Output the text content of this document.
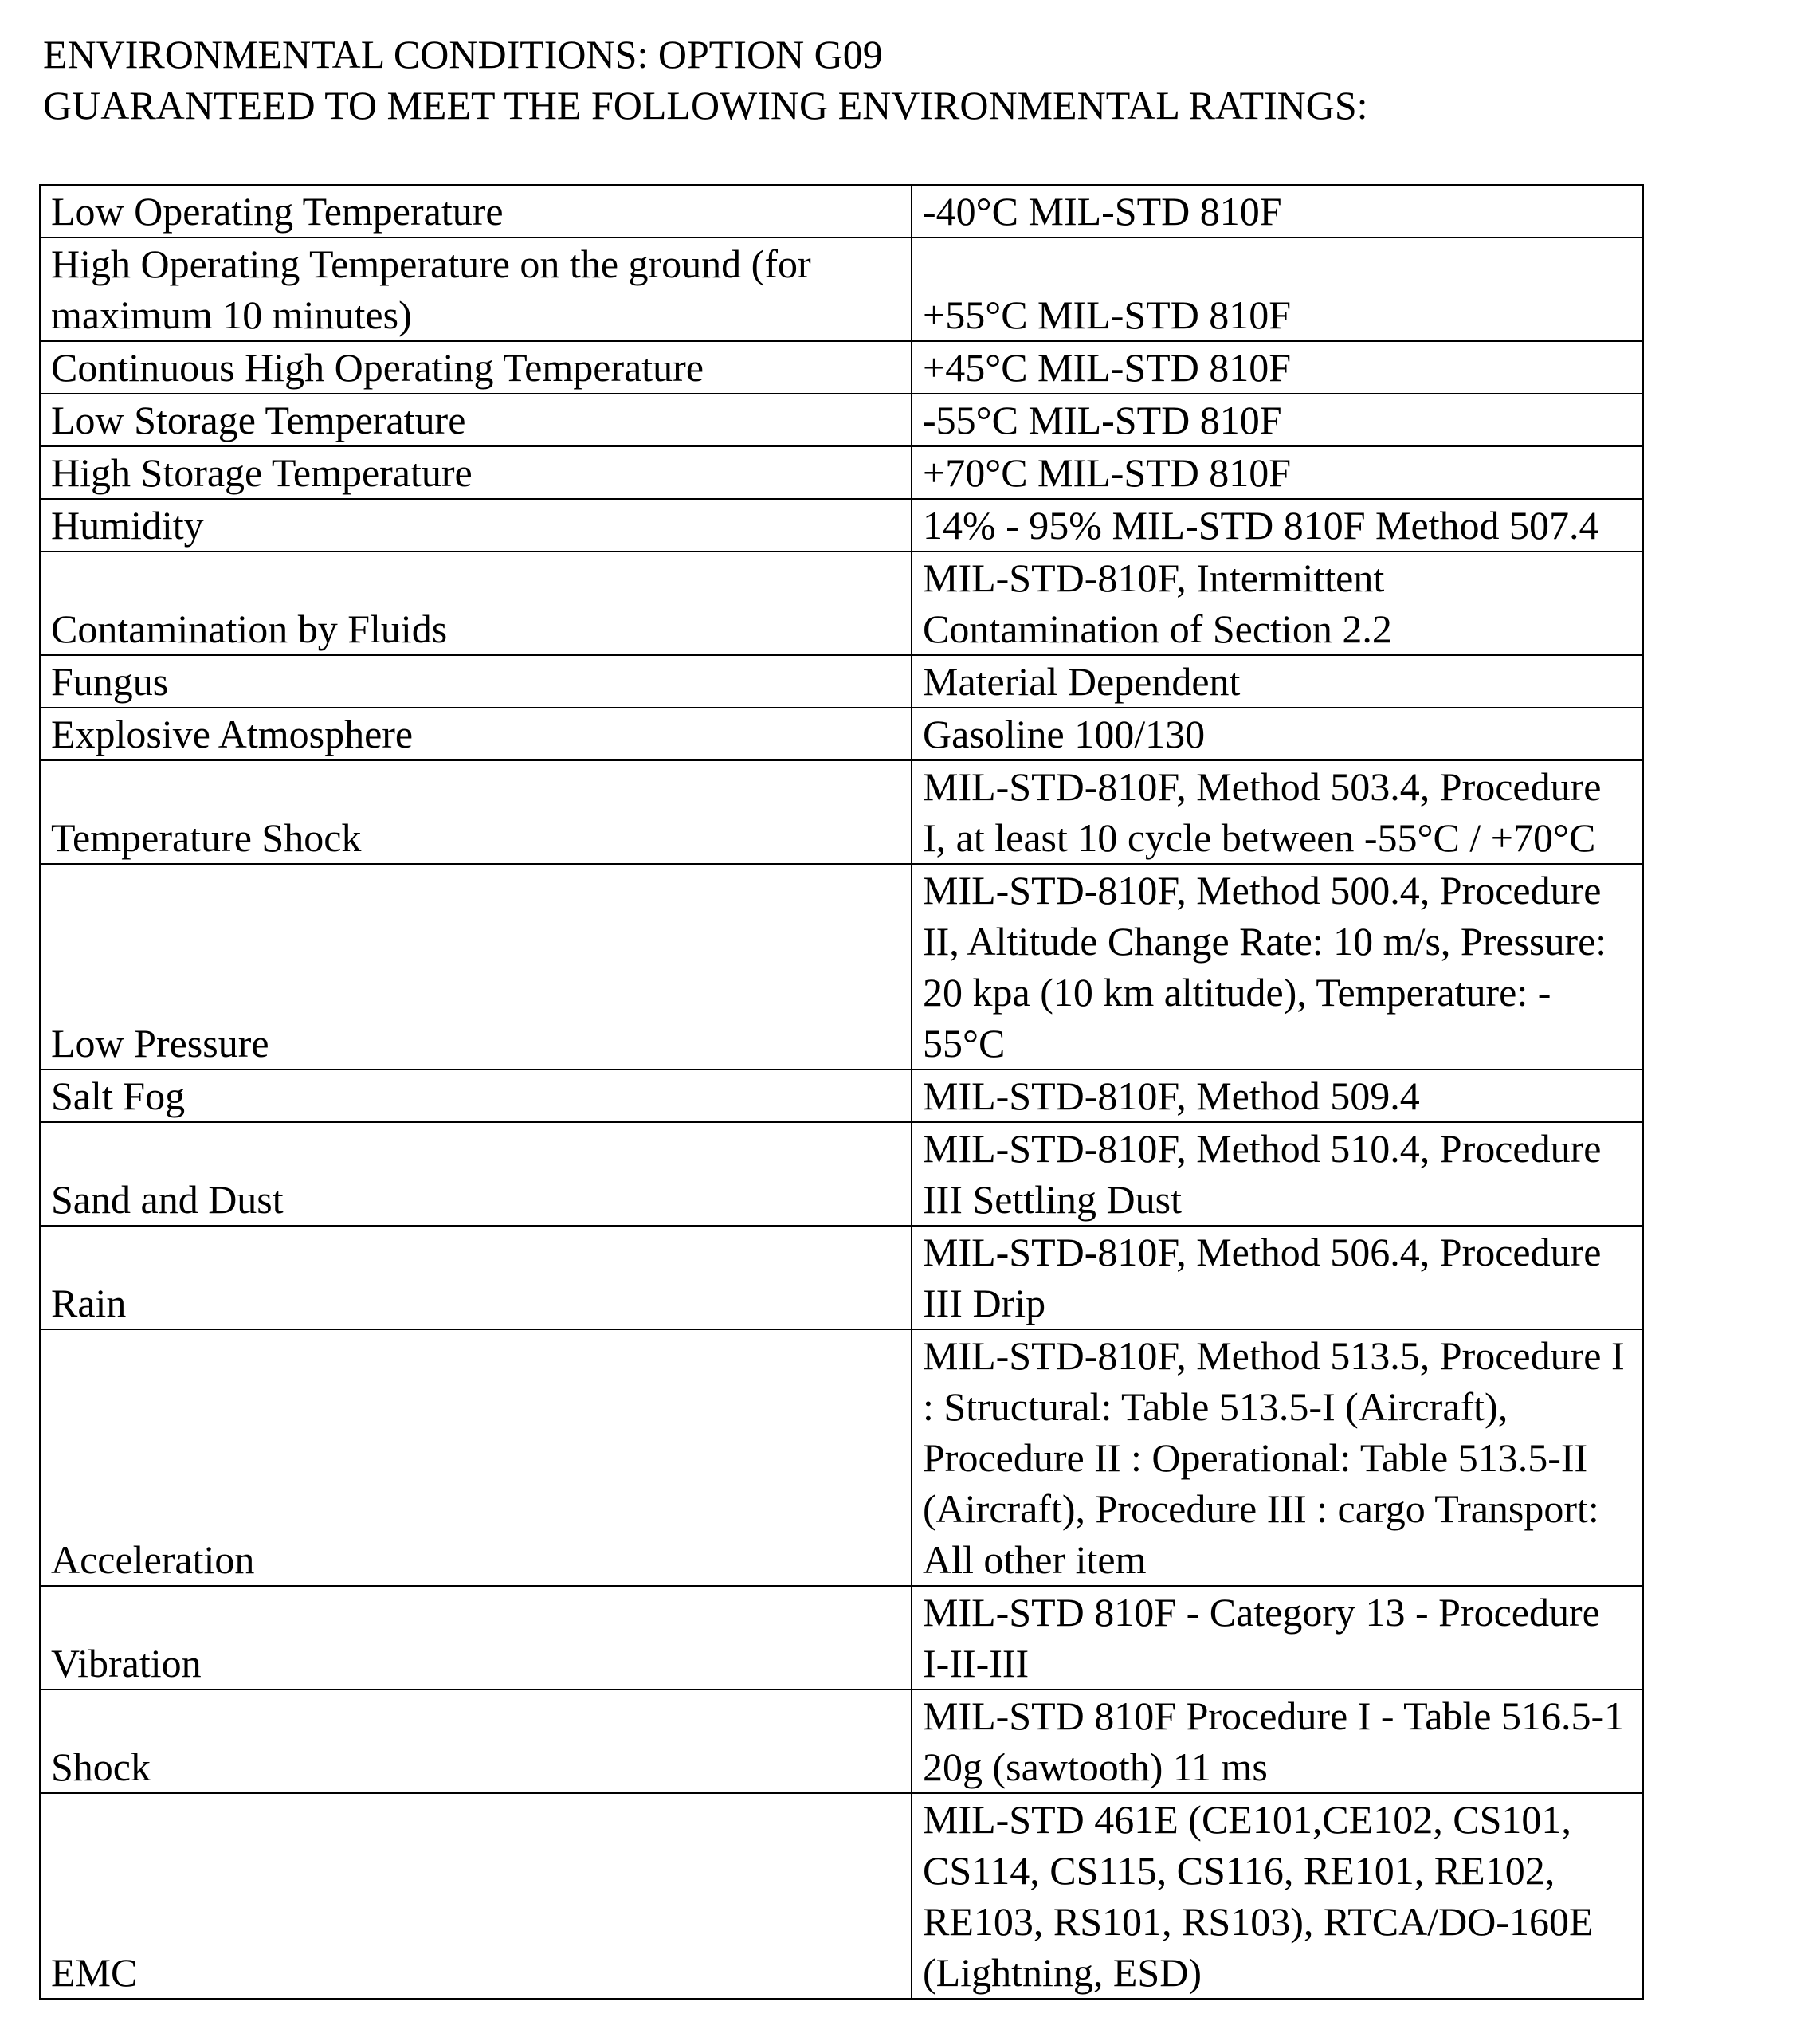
ENVIRONMENTAL CONDITIONS: OPTION G09
GUARANTEED TO MEET THE FOLLOWING ENVIRONMENTAL RATINGS:
Low Operating Temperature	-40°C MIL-STD 810F
High Operating Temperature on the ground (for
maximum 10 minutes)	+55°C MIL-STD 810F
Continuous High Operating Temperature	+45°C MIL-STD 810F
Low Storage Temperature	-55°C MIL-STD 810F
High Storage Temperature	+70°C MIL-STD 810F
Humidity	14% - 95% MIL-STD 810F Method 507.4
Contamination by Fluids	MIL-STD-810F, Intermittent
Contamination of Section 2.2
Fungus	Material Dependent
Explosive Atmosphere	Gasoline 100/130
Temperature Shock	MIL-STD-810F, Method 503.4, Procedure
I, at least 10 cycle between -55°C / +70°C
Low Pressure	MIL-STD-810F, Method 500.4, Procedure
II, Altitude Change Rate: 10 m/s, Pressure:
20 kpa (10 km altitude), Temperature: -
55°C
Salt Fog	MIL-STD-810F, Method 509.4
Sand and Dust	MIL-STD-810F, Method 510.4, Procedure
III Settling Dust
Rain	MIL-STD-810F, Method 506.4, Procedure
III Drip
Acceleration	MIL-STD-810F, Method 513.5, Procedure I
: Structural: Table 513.5-I (Aircraft),
Procedure II : Operational: Table 513.5-II
(Aircraft), Procedure III : cargo Transport:
All other item
Vibration	MIL-STD 810F - Category 13 - Procedure
I-II-III
Shock	MIL-STD 810F Procedure I - Table 516.5-1
20g (sawtooth) 11 ms
EMC	MIL-STD 461E (CE101,CE102, CS101,
CS114, CS115, CS116, RE101, RE102,
RE103, RS101, RS103), RTCA/DO-160E
(Lightning, ESD)
